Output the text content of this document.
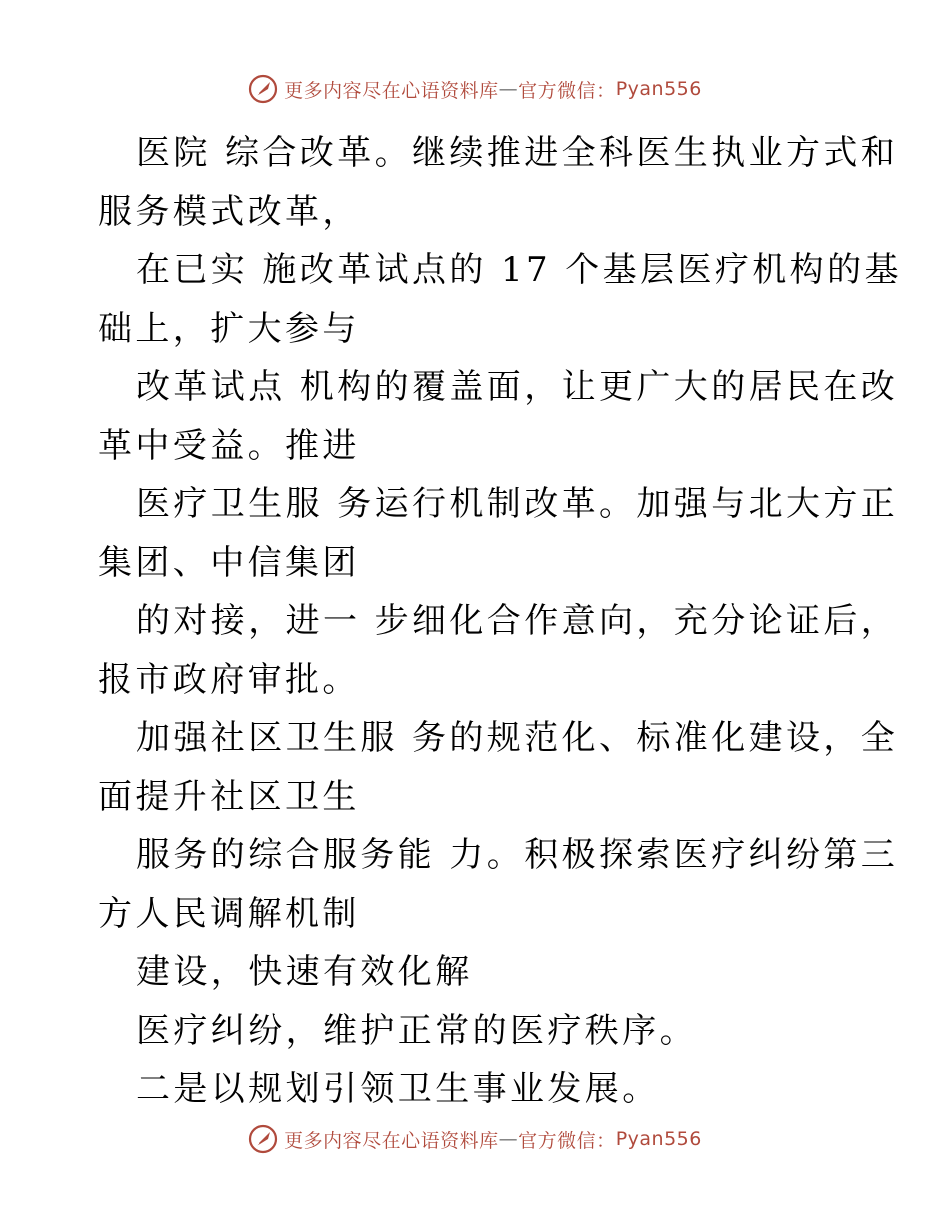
更多内容尽在心语资料库 — 官方微信： Pyan556
医院 综合改革。继续推进全科医生执业方式和
服务模式改革，
在已实 施改革试点的 17 个基层医疗机构的基
础上，扩大参与
改革试点 机构的覆盖面，让更广大的居民在改
革中受益。推进
医疗卫生服 务运行机制改革。加强与北大方正
集团、中信集团
的对接，进一 步细化合作意向，充分论证后，
报市政府审批。
加强社区卫生服 务的规范化、标准化建设，全
面提升社区卫生
服务的综合服务能 力。积极探索医疗纠纷第三
方人民调解机制
建设，快速有效化解
医疗纠纷，维护正常的医疗秩序。
二是以规划引领卫生事业发展。
更多内容尽在心语资料库 — 官方微信： Pyan556
